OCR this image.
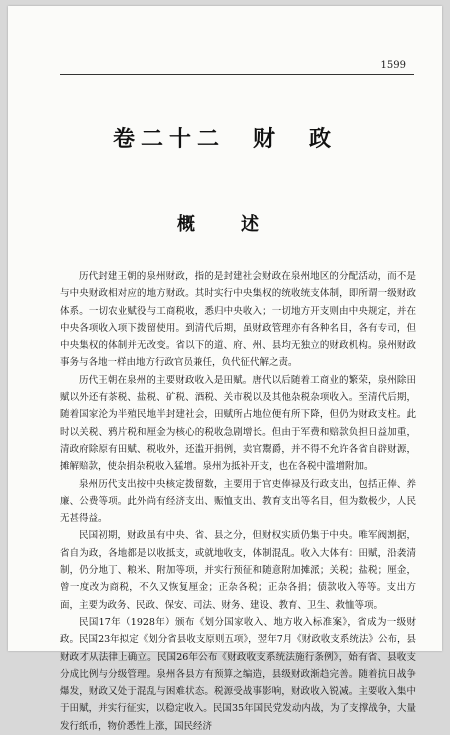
1599
卷二十二　财　政
概　述

历代封建王朝的泉州财政，指的是封建社会财政在泉州地区的分配活动，而不是与中央财政相对应的地方财政。其时实行中央集权的统收统支体制，即所谓一级财政体系。一切农业赋役与工商税收，悉归中央收入；一切地方开支则由中央规定，并在中央各项收入项下拨留使用。到清代后期，虽财政管理亦有各种名目，各有专司，但中央集权的体制并无改变。省以下的道、府、州、县均无独立的财政机构。泉州财政事务与各地一样由地方行政官员兼任，负代征代解之责。

历代王朝在泉州的主要财政收入是田赋。唐代以后随着工商业的繁荣，泉州除田赋以外还有茶税、盐税、矿税、酒税、关市税以及其他杂税杂项收入。至清代后期，随着国家沦为半殖民地半封建社会，田赋所占地位便有所下降，但仍为财政支柱。此时以关税、鸦片税和厘金为核心的税收急剧增长。但由于军费和赔款负担日益加重，清政府除原有田赋、税收外，还滥开捐例，卖官鬻爵，并不得不允许各省自辟财源，摊解赔款，使杂捐杂税收入猛增。泉州为抵补开支，也在各税中滥增附加。

泉州历代支出按中央核定拨留数，主要用于官吏俸禄及行政支出，包括正俸、养廉、公费等项。此外尚有经济支出、赈恤支出、教育支出等名目，但为数极少，人民无甚得益。

民国初期，财政虽有中央、省、县之分，但财权实质仍集于中央。唯军阀割据，省自为政，各地都是以收抵支，或就地收支，体制混乱。收入大体有：田赋，沿袭清制，仍分地丁、粮米、附加等项，并实行预征和随意附加摊派；关税；盐税；厘金，曾一度改为商税，不久又恢复厘金；正杂各税；正杂各捐；债款收入等等。支出方面，主要为政务、民政、保安、司法、财务、建设、教育、卫生、救恤等项。

民国17年（1928年）颁布《划分国家收入、地方收入标准案》，省成为一级财政。民国23年拟定《划分省县收支原则五项》，翌年7月《财政收支系统法》公布，县财政才从法律上确立。民国26年公布《财政收支系统法施行条例》，始有省、县收支分成比例与分级管理。泉州各县方有预算之编造，县级财政渐趋完善。随着抗日战争爆发，财政又处于混乱与困难状态。税源受战事影响，财政收入锐减。主要收入集中于田赋，并实行征实，以稳定收入。民国35年国民党发动内战，为了支撑战争，大量发行纸币，物价悉性上涨，国民经济
